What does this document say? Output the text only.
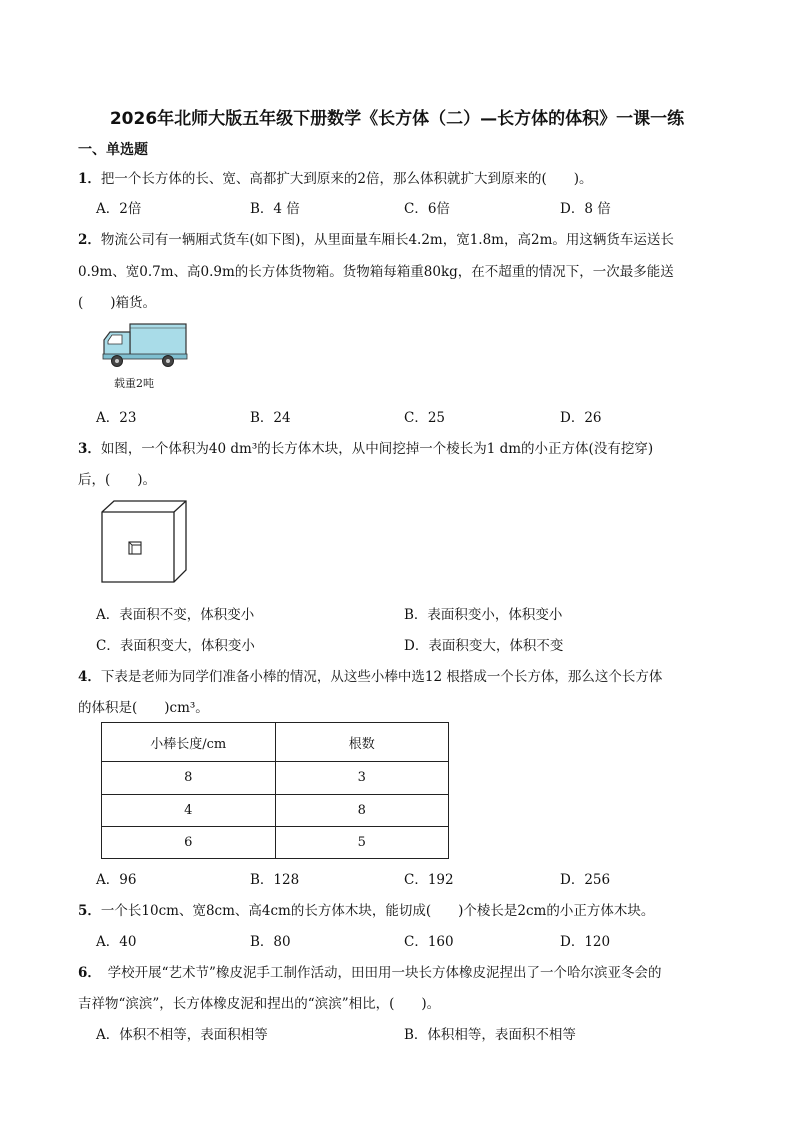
2026年北师大版五年级下册数学《长方体（二）—长方体的体积》一课一练
一、单选题
1．把一个长方体的长、宽、高都扩大到原来的2倍，那么体积就扩大到原来的(　　)。
A．2倍	B．4 倍	C．6倍	D．8 倍
2．物流公司有一辆厢式货车(如下图)，从里面量车厢长4.2m，宽1.8m，高2m。用这辆货车运送长
0.9m、宽0.7m、高0.9m的长方体货物箱。货物箱每箱重80kg，在不超重的情况下，一次最多能送
(　　)箱货。
载重2吨
A．23	B．24	C．25	D．26
3．如图，一个体积为40 dm³的长方体木块，从中间挖掉一个棱长为1 dm的小正方体(没有挖穿)
后，(　　)。
A．表面积不变，体积变小	B．表面积变小，体积变小
C．表面积变大，体积变小	D．表面积变大，体积不变
4．下表是老师为同学们准备小棒的情况，从这些小棒中选12 根搭成一个长方体，那么这个长方体
的体积是(　　)cm³。
小棒长度/cm	根数
8	3
4	8
6	5
A．96	B．128	C．192	D．256
5．一个长10cm、宽8cm、高4cm的长方体木块，能切成(　　)个棱长是2cm的小正方体木块。
A．40	B．80	C．160	D．120
6．　学校开展“艺术节”橡皮泥手工制作活动，田田用一块长方体橡皮泥捏出了一个哈尔滨亚冬会的
吉祥物“滨滨”，长方体橡皮泥和捏出的“滨滨”相比，(　　)。
A．体积不相等，表面积相等	B．体积相等，表面积不相等
